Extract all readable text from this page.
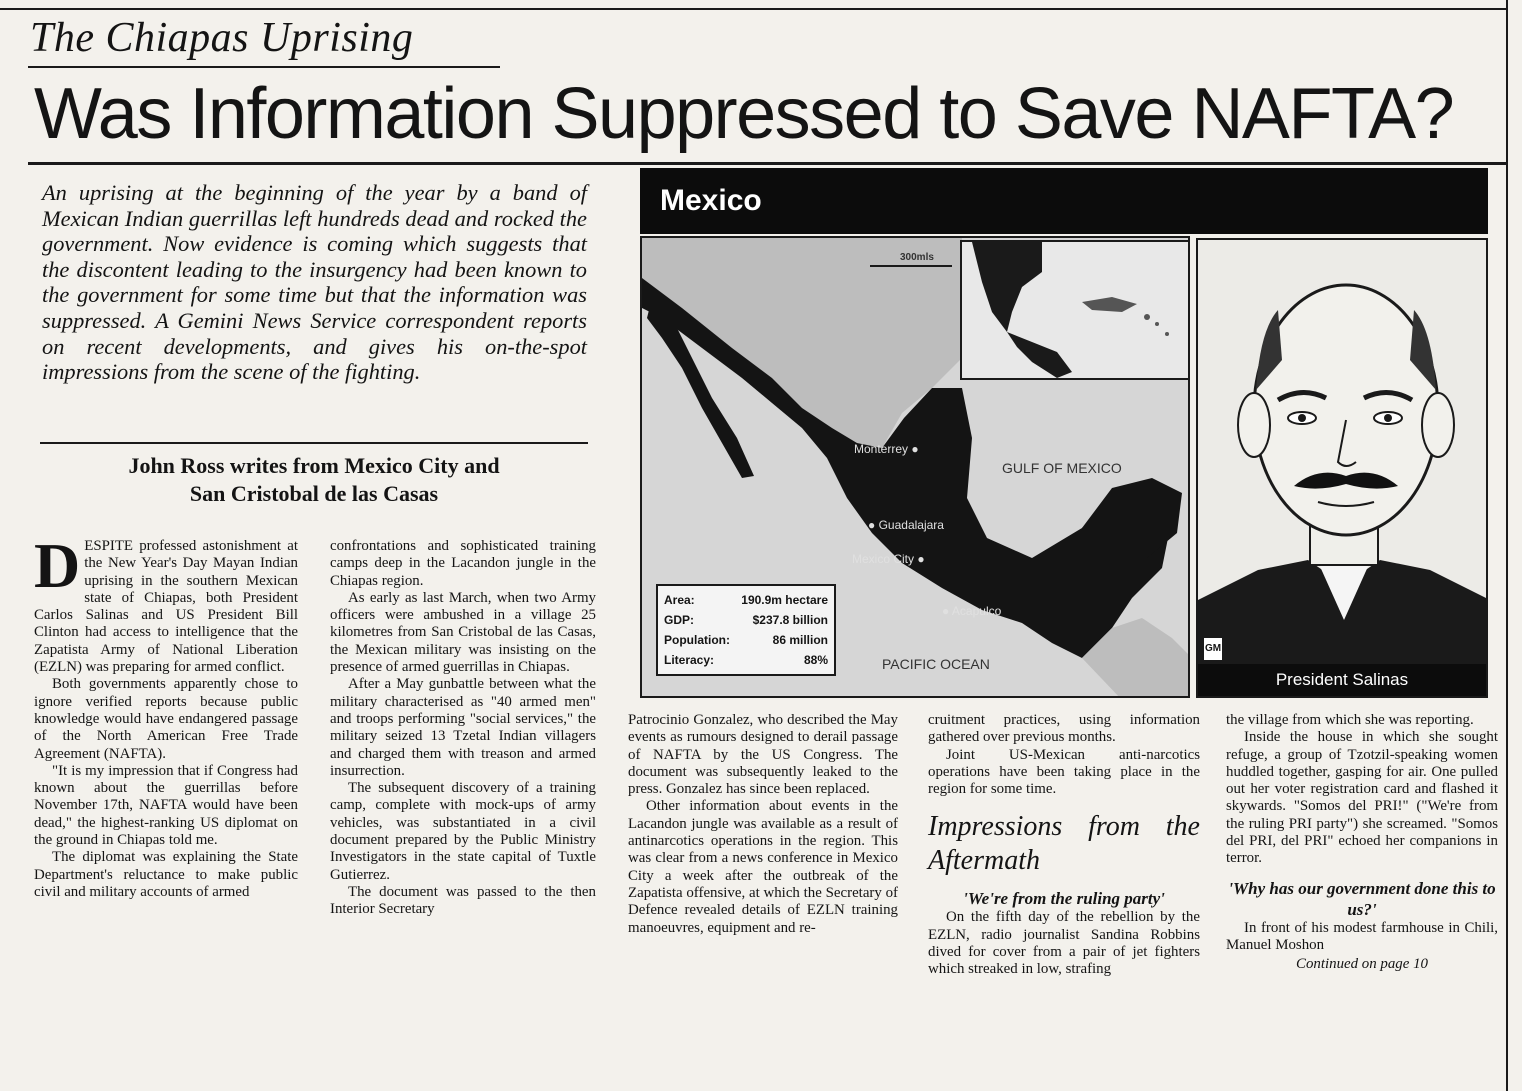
The Chiapas Uprising
Was Information Suppressed to Save NAFTA?
An uprising at the beginning of the year by a band of Mexican Indian guerrillas left hundreds dead and rocked the government. Now evidence is coming which suggests that the discontent leading to the insurgency had been known to the government for some time but that the information was suppressed. A Gemini News Service correspondent reports on recent developments, and gives his on-the-spot impressions from the scene of the fighting.
John Ross writes from Mexico City and
San Cristobal de las Casas

DESPITE professed astonishment at the New Year's Day Mayan Indian uprising in the southern Mexican state of Chiapas, both President Carlos Salinas and US President Bill Clinton had access to intelligence that the Zapatista Army of National Liberation (EZLN) was preparing for armed conflict.

Both governments apparently chose to ignore verified reports because public knowledge would have endangered passage of the North American Free Trade Agreement (NAFTA).

"It is my impression that if Congress had known about the guerrillas before November 17th, NAFTA would have been dead," the highest-ranking US diplomat on the ground in Chiapas told me.

The diplomat was explaining the State Department's reluctance to make public civil and military accounts of armed

confrontations and sophisticated training camps deep in the Lacandon jungle in the Chiapas region.

As early as last March, when two Army officers were ambushed in a village 25 kilometres from San Cristobal de las Casas, the Mexican military was insisting on the presence of armed guerrillas in Chiapas.

After a May gunbattle between what the military characterised as "40 armed men" and troops performing "social services," the military seized 13 Tzetal Indian villagers and charged them with treason and armed insurrection.

The subsequent discovery of a training camp, complete with mock-ups of army vehicles, was substantiated in a civil document prepared by the Public Ministry Investigators in the state capital of Tuxtle Gutierrez.

The document was passed to the then Interior Secretary

Mexico
300mls
Monterrey ●
● Guadalajara
Mexico City ●
● Acapulco
GULF OF MEXICO
PACIFIC OCEAN
Area:	190.9m hectare
GDP:	$237.8 billion
Population:	86 million
Literacy:	88%
GM
President Salinas

Patrocinio Gonzalez, who described the May events as rumours designed to derail passage of NAFTA by the US Congress. The document was subsequently leaked to the press. Gonzalez has since been replaced.

Other information about events in the Lacandon jungle was available as a result of antinarcotics operations in the region. This was clear from a news conference in Mexico City a week after the outbreak of the Zapatista offensive, at which the Secretary of Defence revealed details of EZLN training manoeuvres, equipment and re-

cruitment practices, using information gathered over previous months.

Joint US-Mexican anti-narcotics operations have been taking place in the region for some time.

Impressions from the Aftermath
'We're from the ruling party'

On the fifth day of the rebellion by the EZLN, radio journalist Sandina Robbins dived for cover from a pair of jet fighters which streaked in low, strafing

the village from which she was reporting.

Inside the house in which she sought refuge, a group of Tzotzil-speaking women huddled together, gasping for air. One pulled out her voter registration card and flashed it skywards. "Somos del PRI!" ("We're from the ruling PRI party") she screamed. "Somos del PRI, del PRI" echoed her companions in terror.

'Why has our government done this to us?'

In front of his modest farmhouse in Chili, Manuel Moshon

Continued on page 10
